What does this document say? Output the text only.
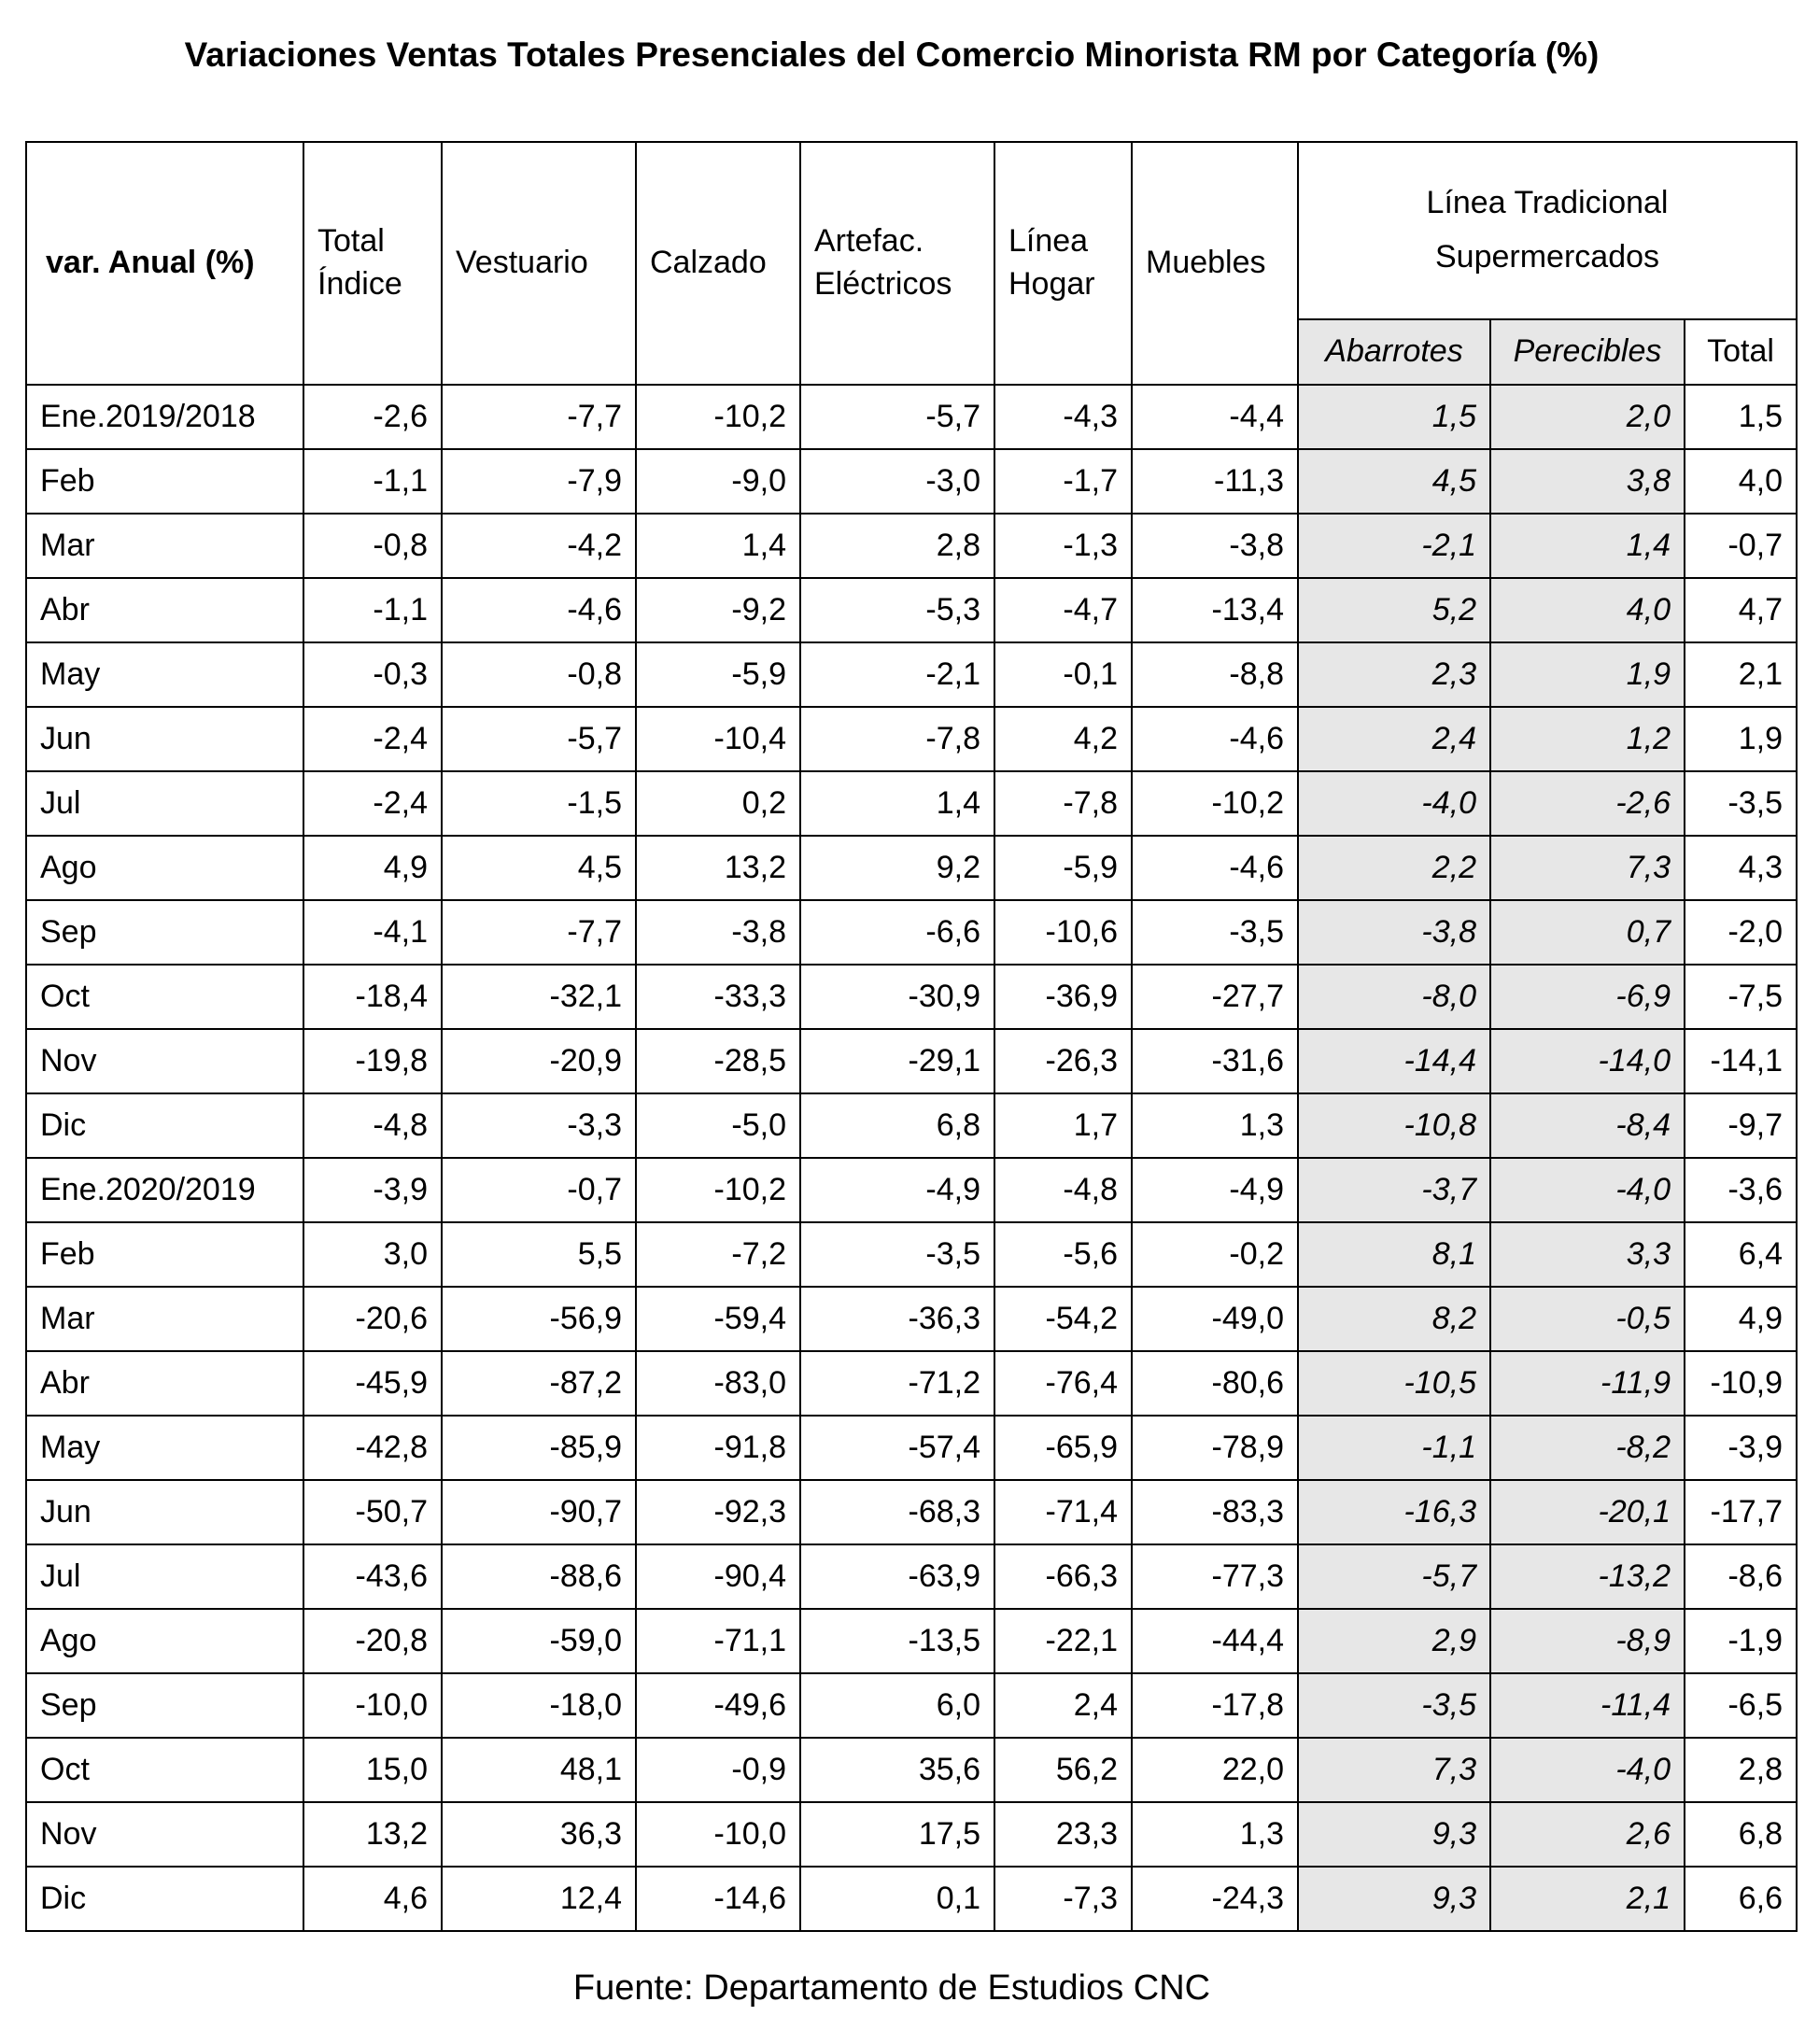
Variaciones Ventas Totales Presenciales del Comercio Minorista RM por Categoría (%)
var. Anual (%)	Total Índice	Vestuario	Calzado	Artefac. Eléctricos	Línea Hogar	Muebles	Línea Tradicional Supermercados		
							Abarrotes	Perecibles	Total
Ene.2019/2018	-2,6	-7,7	-10,2	-5,7	-4,3	-4,4	1,5	2,0	1,5
Feb	-1,1	-7,9	-9,0	-3,0	-1,7	-11,3	4,5	3,8	4,0
Mar	-0,8	-4,2	1,4	2,8	-1,3	-3,8	-2,1	1,4	-0,7
Abr	-1,1	-4,6	-9,2	-5,3	-4,7	-13,4	5,2	4,0	4,7
May	-0,3	-0,8	-5,9	-2,1	-0,1	-8,8	2,3	1,9	2,1
Jun	-2,4	-5,7	-10,4	-7,8	4,2	-4,6	2,4	1,2	1,9
Jul	-2,4	-1,5	0,2	1,4	-7,8	-10,2	-4,0	-2,6	-3,5
Ago	4,9	4,5	13,2	9,2	-5,9	-4,6	2,2	7,3	4,3
Sep	-4,1	-7,7	-3,8	-6,6	-10,6	-3,5	-3,8	0,7	-2,0
Oct	-18,4	-32,1	-33,3	-30,9	-36,9	-27,7	-8,0	-6,9	-7,5
Nov	-19,8	-20,9	-28,5	-29,1	-26,3	-31,6	-14,4	-14,0	-14,1
Dic	-4,8	-3,3	-5,0	6,8	1,7	1,3	-10,8	-8,4	-9,7
Ene.2020/2019	-3,9	-0,7	-10,2	-4,9	-4,8	-4,9	-3,7	-4,0	-3,6
Feb	3,0	5,5	-7,2	-3,5	-5,6	-0,2	8,1	3,3	6,4
Mar	-20,6	-56,9	-59,4	-36,3	-54,2	-49,0	8,2	-0,5	4,9
Abr	-45,9	-87,2	-83,0	-71,2	-76,4	-80,6	-10,5	-11,9	-10,9
May	-42,8	-85,9	-91,8	-57,4	-65,9	-78,9	-1,1	-8,2	-3,9
Jun	-50,7	-90,7	-92,3	-68,3	-71,4	-83,3	-16,3	-20,1	-17,7
Jul	-43,6	-88,6	-90,4	-63,9	-66,3	-77,3	-5,7	-13,2	-8,6
Ago	-20,8	-59,0	-71,1	-13,5	-22,1	-44,4	2,9	-8,9	-1,9
Sep	-10,0	-18,0	-49,6	6,0	2,4	-17,8	-3,5	-11,4	-6,5
Oct	15,0	48,1	-0,9	35,6	56,2	22,0	7,3	-4,0	2,8
Nov	13,2	36,3	-10,0	17,5	23,3	1,3	9,3	2,6	6,8
Dic	4,6	12,4	-14,6	0,1	-7,3	-24,3	9,3	2,1	6,6
Fuente: Departamento de Estudios CNC
